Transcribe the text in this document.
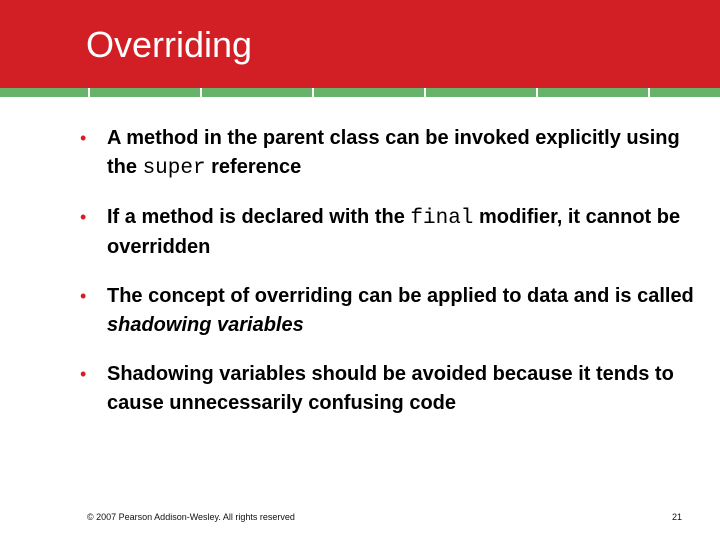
Overriding
• A method in the parent class can be invoked explicitly using the super reference
• If a method is declared with the final modifier, it cannot be overridden
• The concept of overriding can be applied to data and is called shadowing variables
• Shadowing variables should be avoided because it tends to cause unnecessarily confusing code
© 2007 Pearson Addison-Wesley. All rights reserved	21
